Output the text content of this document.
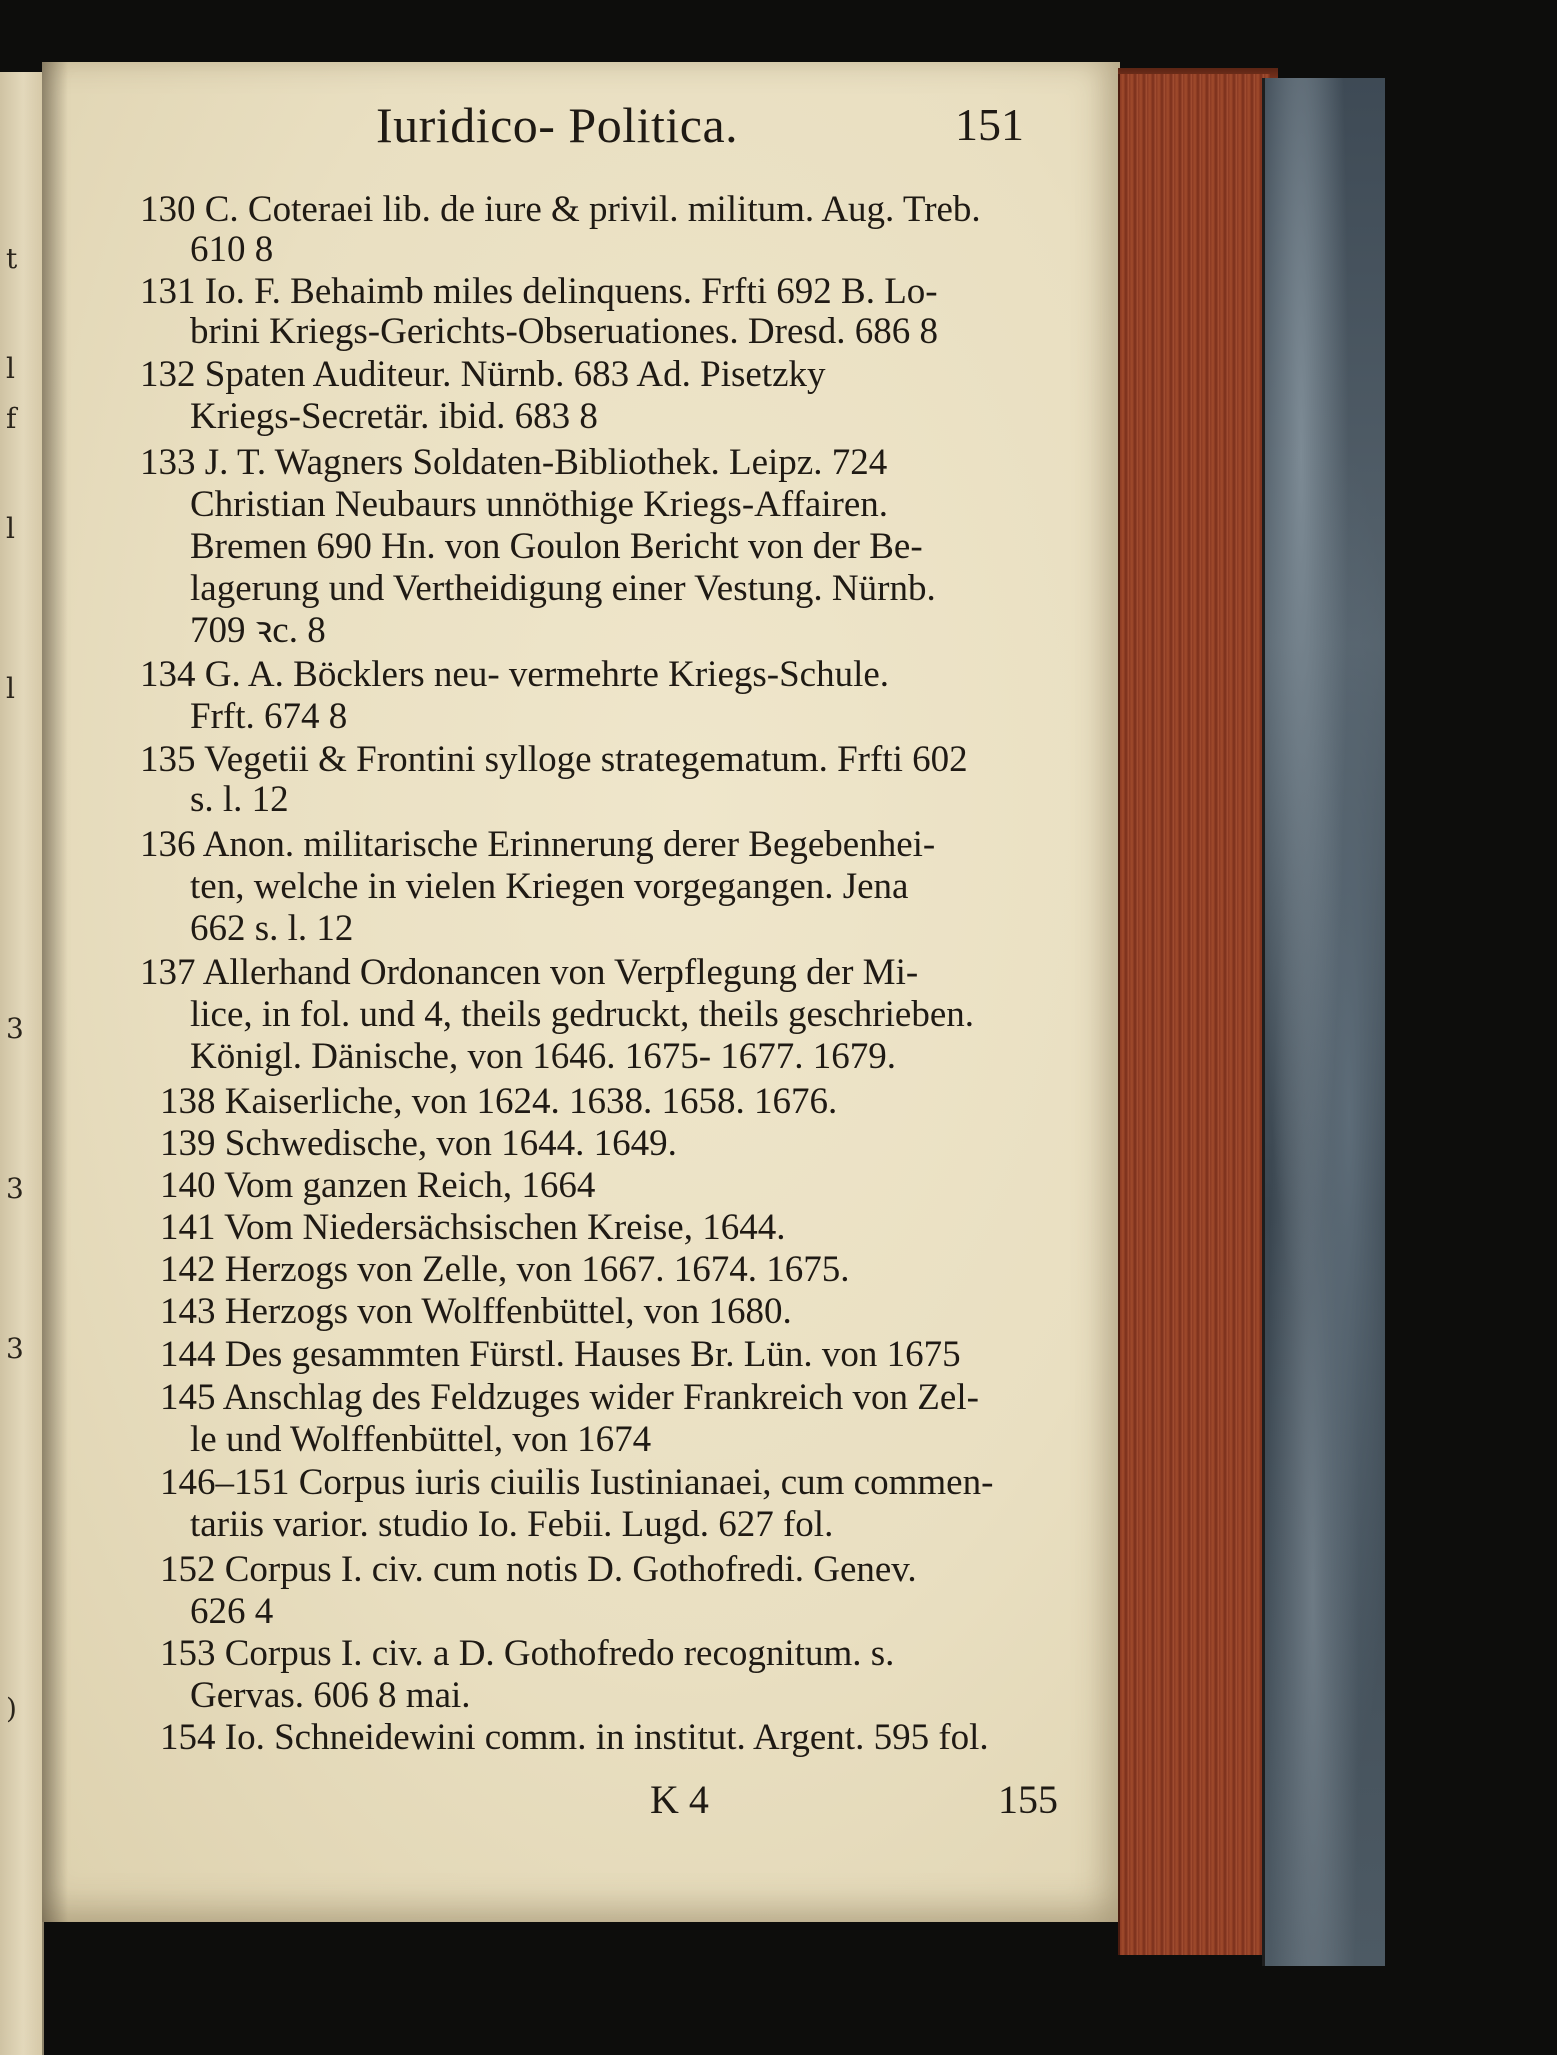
t
l
f
l
l
3
3
3
)
Iuridico- Politica.	151
130 C. Coteraei lib. de iure & privil. militum. Aug. Treb.
610 8
131 Io. F. Behaimb miles delinquens. Frfti 692 B. Lo-
brini Kriegs-Gerichts-Obseruationes. Dresd. 686 8
132 Spaten Auditeur. Nürnb. 683 Ad. Pisetzky
Kriegs-Secretär. ibid. 683 8
133 J. T. Wagners Soldaten-Bibliothek. Leipz. 724
Christian Neubaurs unnöthige Kriegs-Affairen.
Bremen 690 Hn. von Goulon Bericht von der Be-
lagerung und Vertheidigung einer Vestung. Nürnb.
709 ꝛc. 8
134 G. A. Böcklers neu- vermehrte Kriegs-Schule.
Frft. 674 8
135 Vegetii & Frontini sylloge strategematum. Frfti 602
s. l. 12
136 Anon. militarische Erinnerung derer Begebenhei-
ten, welche in vielen Kriegen vorgegangen. Jena
662 s. l. 12
137 Allerhand Ordonancen von Verpflegung der Mi-
lice, in fol. und 4, theils gedruckt, theils geschrieben.
Königl. Dänische, von 1646. 1675- 1677. 1679.
138 Kaiserliche, von 1624. 1638. 1658. 1676.
139 Schwedische, von 1644. 1649.
140 Vom ganzen Reich, 1664
141 Vom Niedersächsischen Kreise, 1644.
142 Herzogs von Zelle, von 1667. 1674. 1675.
143 Herzogs von Wolffenbüttel, von 1680.
144 Des gesammten Fürstl. Hauses Br. Lün. von 1675
145 Anschlag des Feldzuges wider Frankreich von Zel-
le und Wolffenbüttel, von 1674
146–151 Corpus iuris ciuilis Iustinianaei, cum commen-
tariis varior. studio Io. Febii. Lugd. 627 fol.
152 Corpus I. civ. cum notis D. Gothofredi. Genev.
626 4
153 Corpus I. civ. a D. Gothofredo recognitum. s.
Gervas. 606 8 mai.
154 Io. Schneidewini comm. in institut. Argent. 595 fol.
K 4	155
